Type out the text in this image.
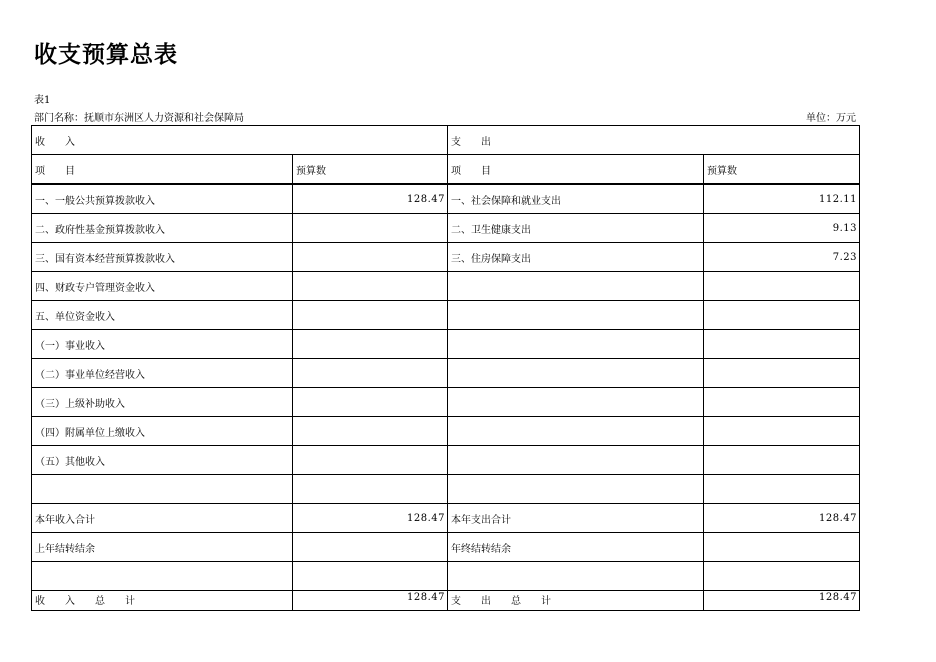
收支预算总表
表1
部门名称：抚顺市东洲区人力资源和社会保障局	单位：万元
收　　入		支　　出	
项　　目	预算数	项　　目	预算数
一、一般公共预算拨款收入	128.47	一、社会保障和就业支出	112.11
二、政府性基金预算拨款收入		二、卫生健康支出	9.13
三、国有资本经营预算拨款收入		三、住房保障支出	7.23
四、财政专户管理资金收入			
五、单位资金收入			
（一）事业收入			
（二）事业单位经营收入			
（三）上级补助收入			
（四）附属单位上缴收入			
（五）其他收入			

本年收入合计	128.47	本年支出合计	128.47
上年结转结余		年终结转结余	

收　　入　　总　　计	128.47	支　　出　　总　　计	128.47
